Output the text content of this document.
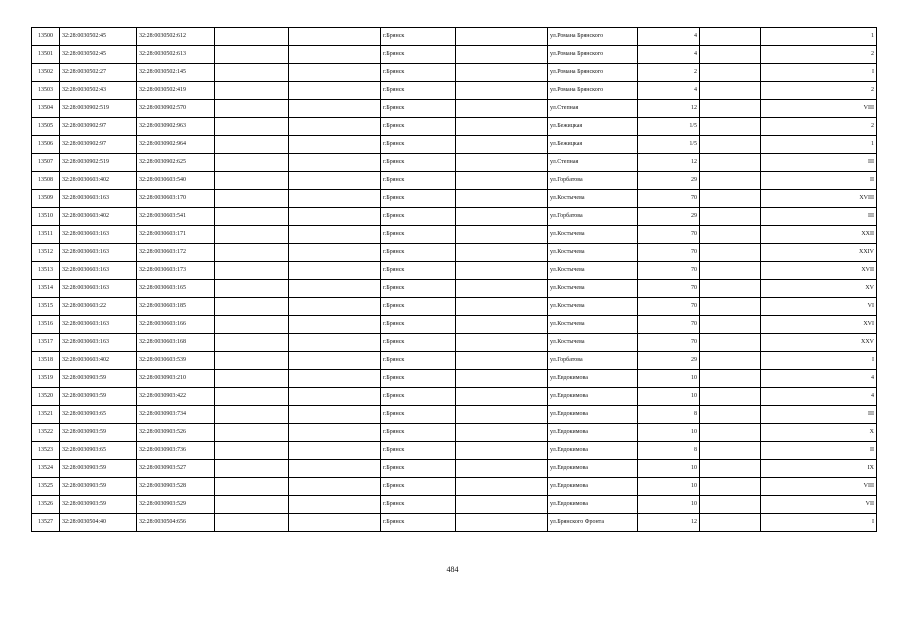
13500	32:28:0030502:45	32:28:0030502:612			г.Брянск		ул.Романа Брянского	4		1
13501	32:28:0030502:45	32:28:0030502:613			г.Брянск		ул.Романа Брянского	4		2
13502	32:28:0030502:27	32:28:0030502:145			г.Брянск		ул.Романа Брянского	2		I
13503	32:28:0030502:43	32:28:0030502:419			г.Брянск		ул.Романа Брянского	4		2
13504	32:28:0030902:519	32:28:0030902:570			г.Брянск		ул.Степная	12		VIII
13505	32:28:0030902:97	32:28:0030902:963			г.Брянск		ул.Бежицкая	1/5		2
13506	32:28:0030902:97	32:28:0030902:964			г.Брянск		ул.Бежицкая	1/5		1
13507	32:28:0030902:519	32:28:0030902:625			г.Брянск		ул.Степная	12		III
13508	32:28:0030603:402	32:28:0030603:540			г.Брянск		ул.Горбатова	29		II
13509	32:28:0030603:163	32:28:0030603:170			г.Брянск		ул.Костычева	70		XVIII
13510	32:28:0030603:402	32:28:0030603:541			г.Брянск		ул.Горбатова	29		III
13511	32:28:0030603:163	32:28:0030603:171			г.Брянск		ул.Костычева	70		XXII
13512	32:28:0030603:163	32:28:0030603:172			г.Брянск		ул.Костычева	70		XXIV
13513	32:28:0030603:163	32:28:0030603:173			г.Брянск		ул.Костычева	70		XVII
13514	32:28:0030603:163	32:28:0030603:165			г.Брянск		ул.Костычева	70		XV
13515	32:28:0030603:22	32:28:0030603:185			г.Брянск		ул.Костычева	70		VI
13516	32:28:0030603:163	32:28:0030603:166			г.Брянск		ул.Костычева	70		XVI
13517	32:28:0030603:163	32:28:0030603:168			г.Брянск		ул.Костычева	70		XXV
13518	32:28:0030603:402	32:28:0030603:539			г.Брянск		ул.Горбатова	29		I
13519	32:28:0030903:59	32:28:0030903:210			г.Брянск		ул.Евдокимова	10		4
13520	32:28:0030903:59	32:28:0030903:422			г.Брянск		ул.Евдокимова	10		4
13521	32:28:0030903:65	32:28:0030903:734			г.Брянск		ул.Евдокимова	8		III
13522	32:28:0030903:59	32:28:0030903:526			г.Брянск		ул.Евдокимова	10		X
13523	32:28:0030903:65	32:28:0030903:736			г.Брянск		ул.Евдокимова	8		II
13524	32:28:0030903:59	32:28:0030903:527			г.Брянск		ул.Евдокимова	10		IX
13525	32:28:0030903:59	32:28:0030903:528			г.Брянск		ул.Евдокимова	10		VIII
13526	32:28:0030903:59	32:28:0030903:529			г.Брянск		ул.Евдокимова	10		VII
13527	32:28:0030504:40	32:28:0030504:656			г.Брянск		ул.Брянского Фронта	12		I
484
